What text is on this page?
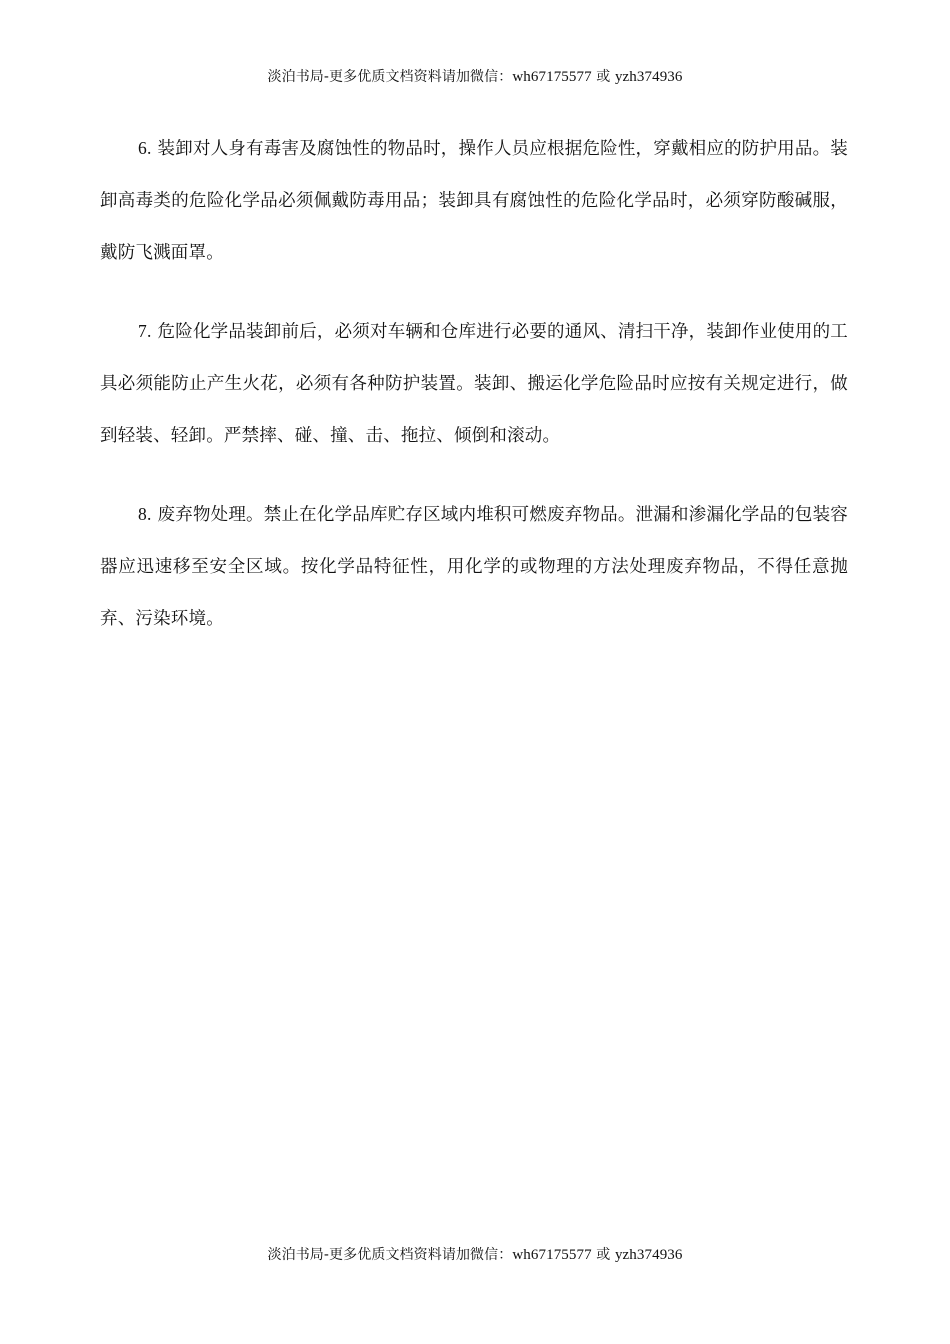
淡泊书局-更多优质文档资料请加微信：wh67175577 或 yzh374936

6. 装卸对人身有毒害及腐蚀性的物品时，操作人员应根据危险性，穿戴相应的防护用品。装卸高毒类的危险化学品必须佩戴防毒用品；装卸具有腐蚀性的危险化学品时，必须穿防酸碱服，戴防飞溅面罩。

7. 危险化学品装卸前后，必须对车辆和仓库进行必要的通风、清扫干净，装卸作业使用的工具必须能防止产生火花，必须有各种防护装置。装卸、搬运化学危险品时应按有关规定进行，做到轻装、轻卸。严禁摔、碰、撞、击、拖拉、倾倒和滚动。

8. 废弃物处理。禁止在化学品库贮存区域内堆积可燃废弃物品。泄漏和渗漏化学品的包装容器应迅速移至安全区域。按化学品特征性，用化学的或物理的方法处理废弃物品，不得任意抛弃、污染环境。

淡泊书局-更多优质文档资料请加微信：wh67175577 或 yzh374936
